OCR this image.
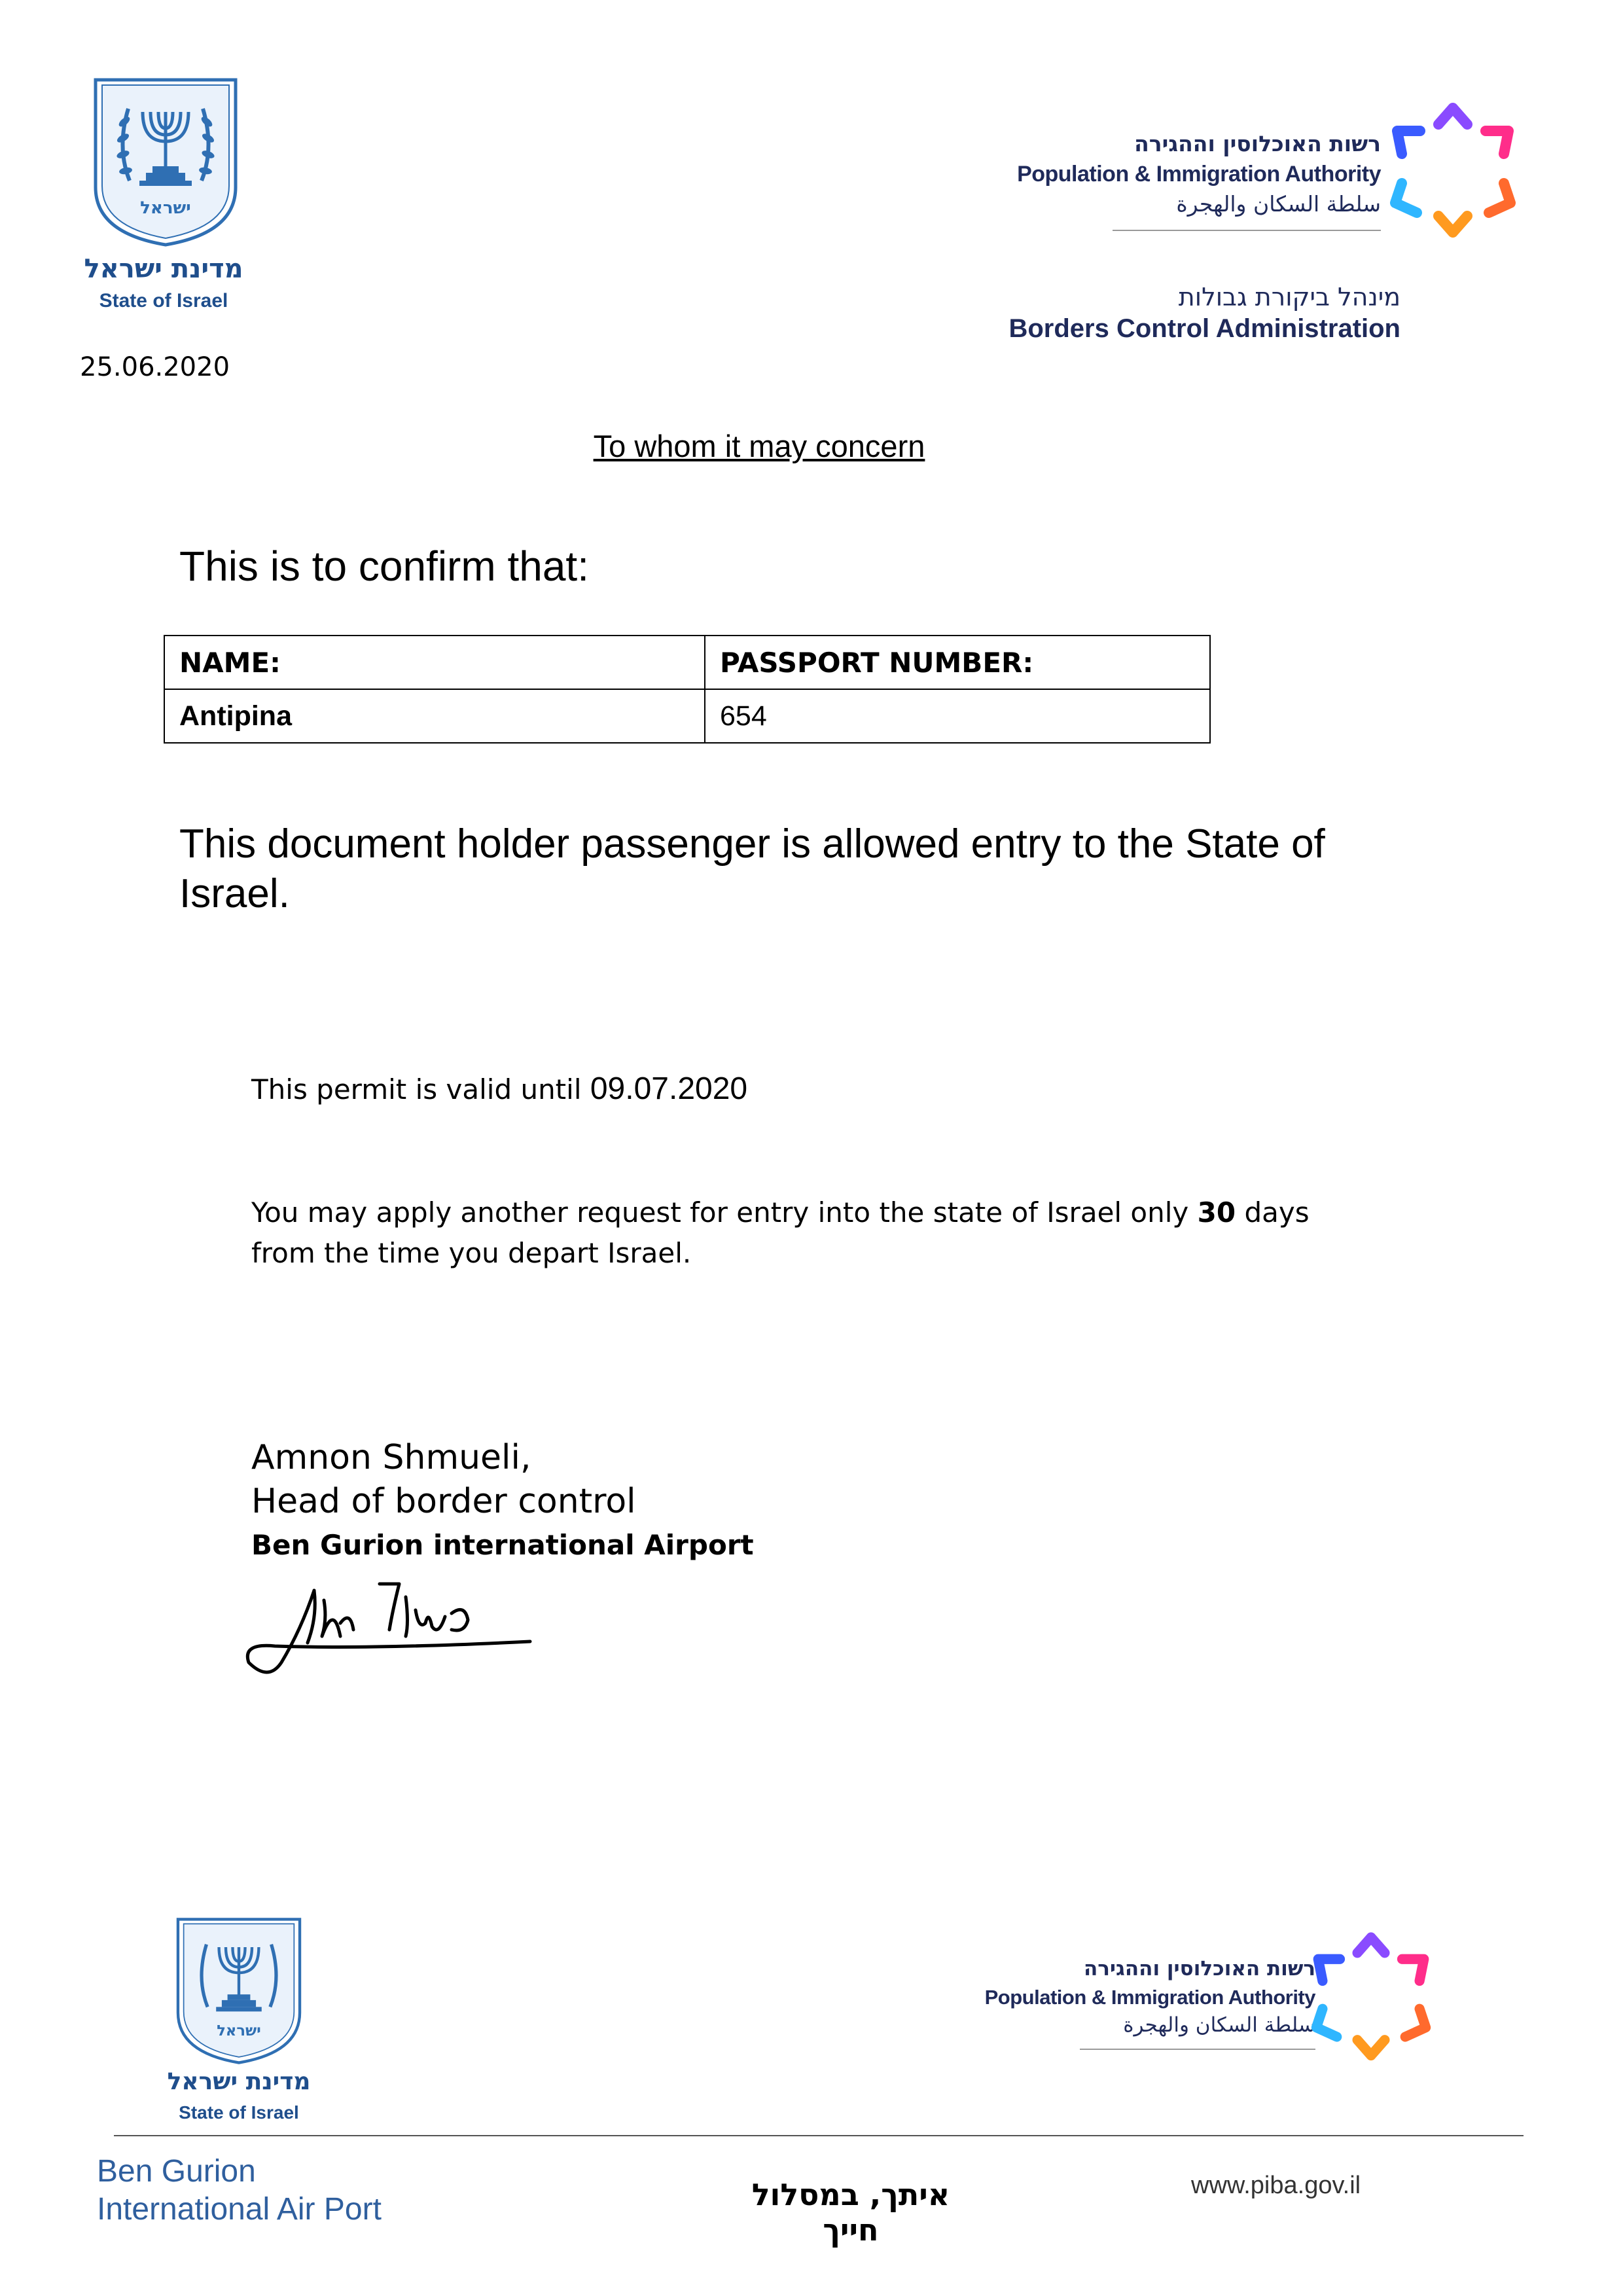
ישראל
מדינת ישראל
State of Israel
25.06.2020
רשות האוכלוסין וההגירה
Population & Immigration Authority
سلطة السكان والهجرة
מינהל ביקורת גבולות
Borders Control Administration
To whom it may concern
This is to confirm that:
NAME:	PASSPORT NUMBER:
Antipina	654
This document holder passenger is allowed entry to the State of Israel.
This permit is valid until 09.07.2020
You may apply another request for entry into the state of Israel only 30 days from the time you depart Israel.
Amnon Shmueli,
Head of border control
Ben Gurion international Airport
ישראל
מדינת ישראל
State of Israel
רשות האוכלוסין וההגירה
Population & Immigration Authority
سلطة السكان والهجرة
Ben Gurion
International Air Port	איתך, במסלול חייך
www.piba.gov.il
